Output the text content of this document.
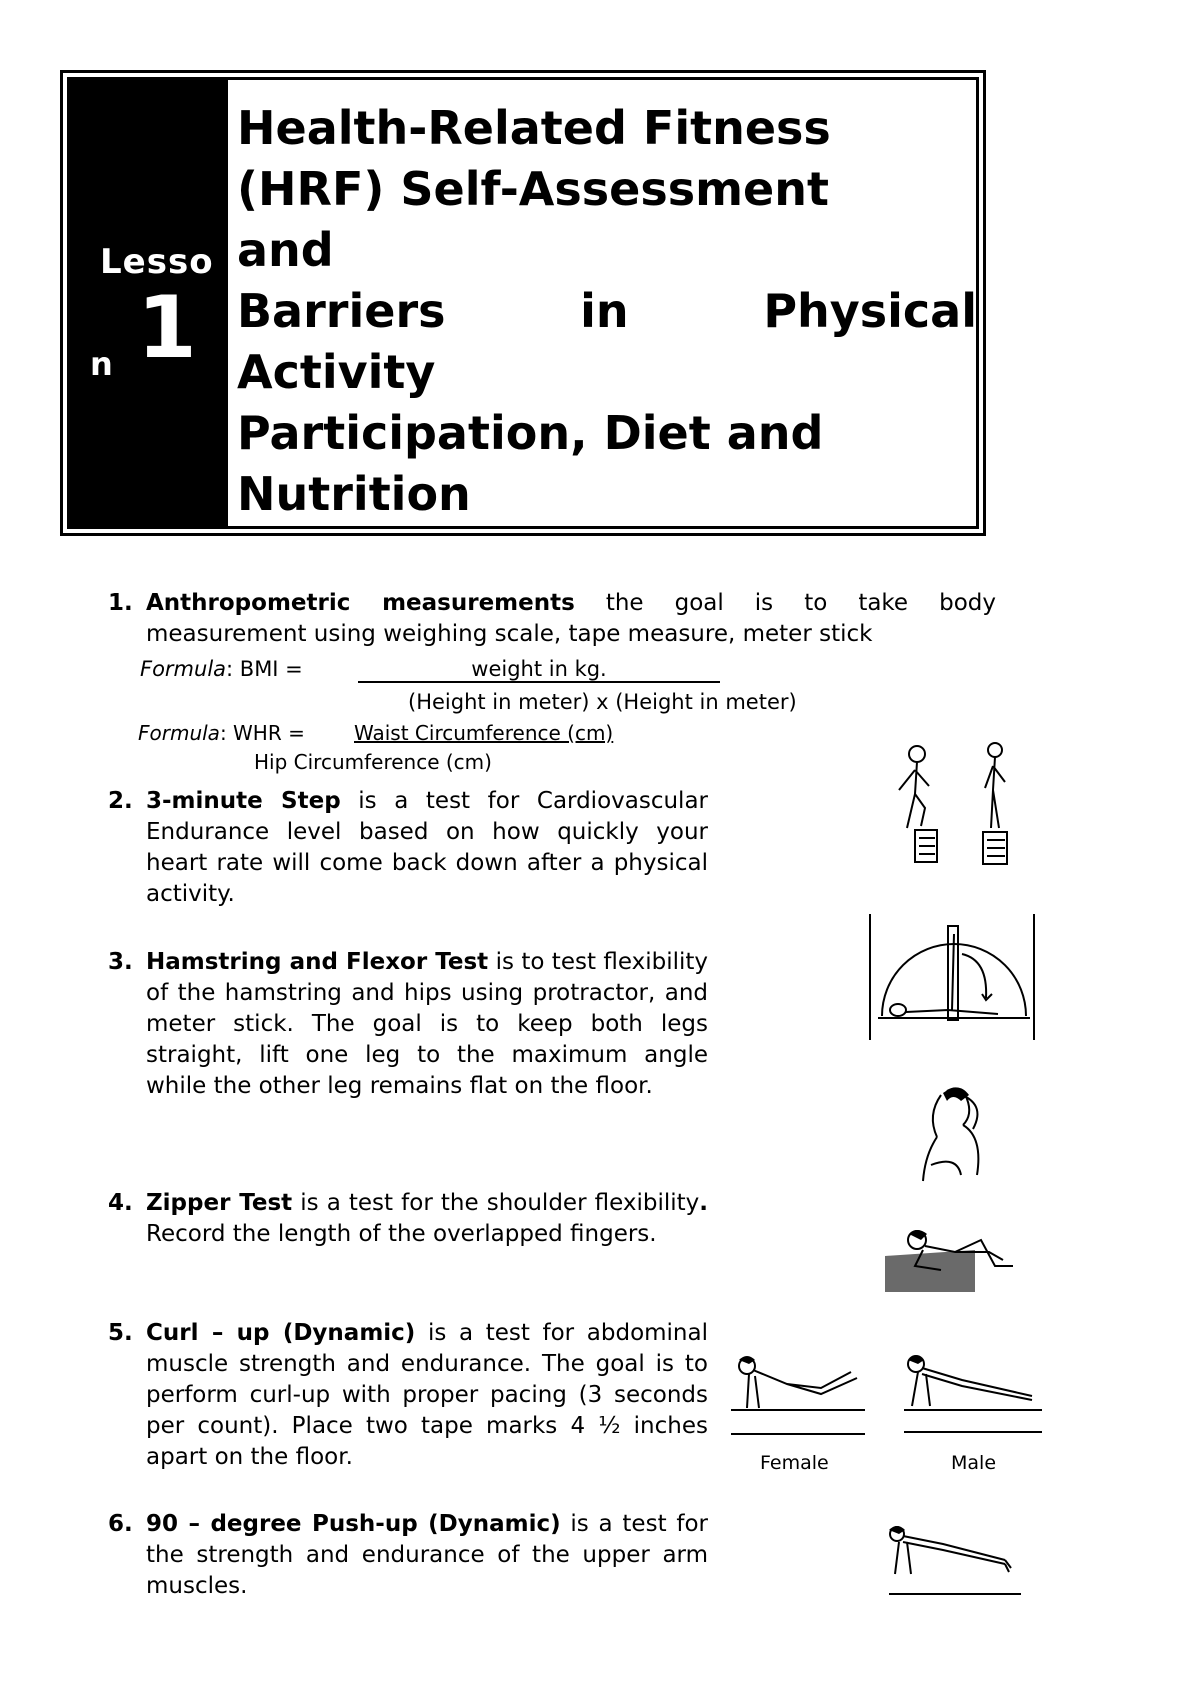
Lesso
n 1
Health-Related Fitness
(HRF) Self-Assessment
and
Barriers	in	Physical
Activity
Participation, Diet and
Nutrition
1. Anthropometric measurements the goal is to take body measurement using weighing scale, tape measure, meter stick
Formula: BMI =	weight in kg.
(Height in meter) x (Height in meter)
Formula: WHR = Waist Circumference (cm)
Hip Circumference (cm)
2. 3-minute Step is a test for Cardiovascular Endurance level based on how quickly your heart rate will come back down after a physical activity.
3. Hamstring and Flexor Test is to test flexibility of the hamstring and hips using protractor, and meter stick. The goal is to keep both legs straight, lift one leg to the maximum angle while the other leg remains flat on the floor.
4. Zipper Test is a test for the shoulder flexibility. Record the length of the overlapped fingers.
5. Curl – up (Dynamic) is a test for abdominal muscle strength and endurance. The goal is to perform curl-up with proper pacing (3 seconds per count). Place two tape marks 4 ½ inches apart on the floor.
6. 90 – degree Push-up (Dynamic) is a test for the strength and endurance of the upper arm muscles.
Female	Male
